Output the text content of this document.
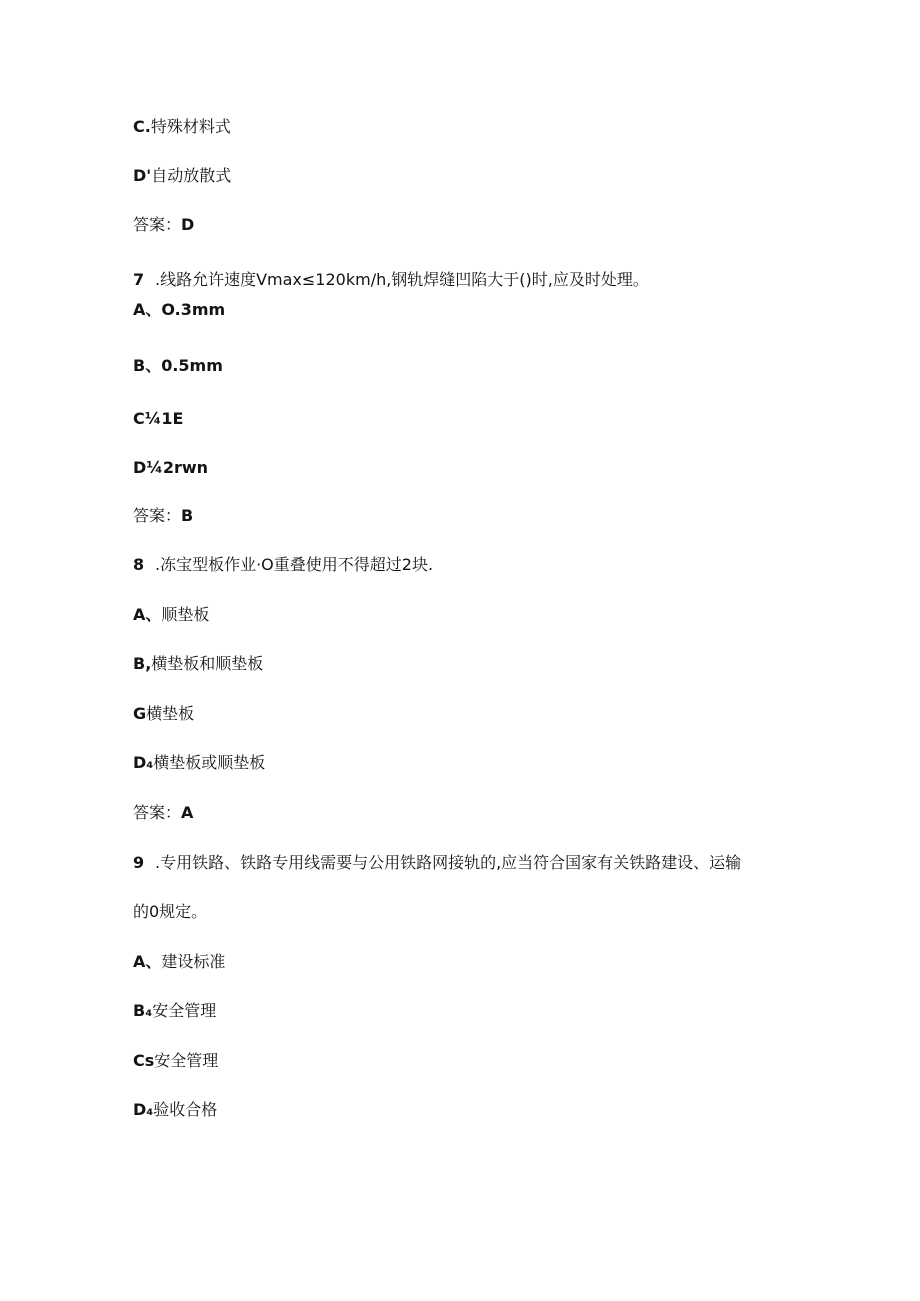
C.特殊材料式
D'自动放散式
答案：D
7 .线路允许速度Vmax≤120km/h,钢轨焊缝凹陷大于()时,应及时处理。
A、O.3mm
B、0.5mm
C¼1E
D¼2rwn
答案：B
8 .冻宝型板作业·O重叠使用不得超过2块.
A、顺垫板
B,横垫板和顺垫板
G横垫板
D₄横垫板或顺垫板
答案：A
9 .专用铁路、铁路专用线需要与公用铁路网接轨的,应当符合国家有关铁路建设、运输
的0规定。
A、建设标准
B₄安全管理
Cs安全管理
D₄验收合格
